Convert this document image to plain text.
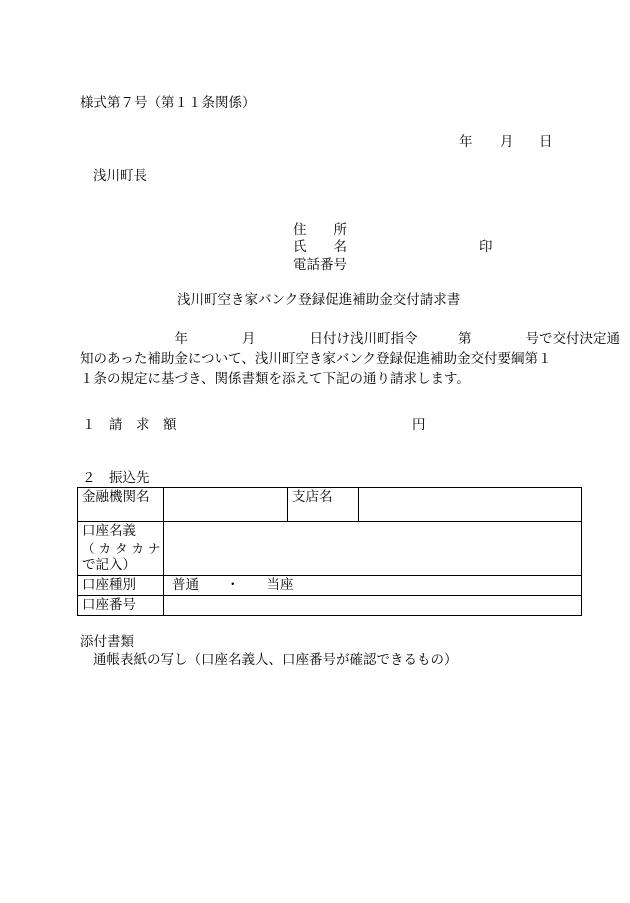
様式第７号（第１１条関係）
年 月 日
浅川町長
住　　所
氏　　名	印
電話番号
浅川町空き家バンク登録促進補助金交付請求書
　　　　　　　年　　　　月　　　　日付け浅川町指令　　　第　　　　号で交付決定通
知のあった補助金について、浅川町空き家バンク登録促進補助金交付要綱第１
１条の規定に基づき、関係書類を添えて下記の通り請求します。
１　請　求　額	円
２　振込先
金融機関名		支店名	

口座名義
（ カ タ カ ナ
で記入）			

口座種別	普通　　・　　当座		
口座番号			
添付書類
通帳表紙の写し（口座名義人、口座番号が確認できるもの）
